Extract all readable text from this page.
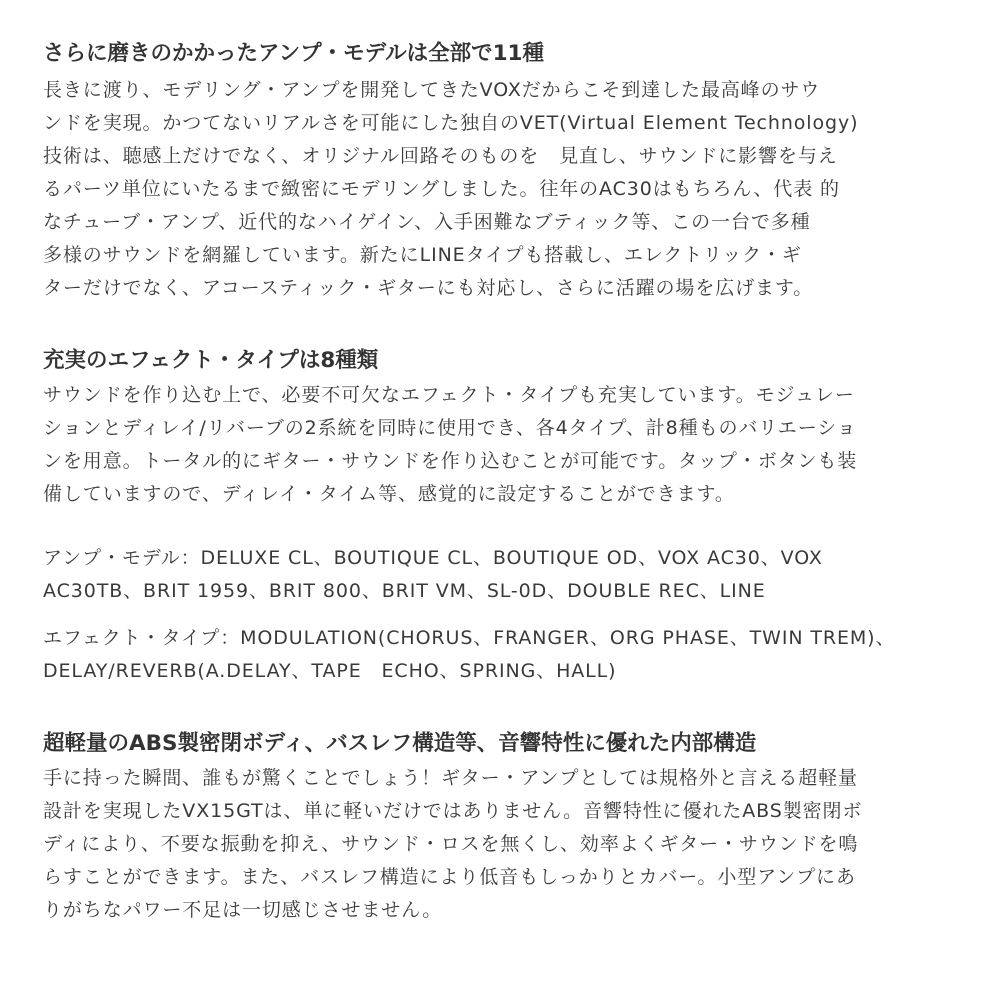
さらに磨きのかかったアンプ・モデルは全部で11種

長きに渡り、モデリング・アンプを開発してきたVOXだからこそ到達した最高峰のサウ
ンドを実現。かつてないリアルさを可能にした独自のVET(Virtual Element Technology)
技術は、聴感上だけでなく、オリジナル回路そのものを　見直し、サウンドに影響を与え
るパーツ単位にいたるまで緻密にモデリングしました。往年のAC30はもちろん、代表 的
なチューブ・アンプ、近代的なハイゲイン、入手困難なブティック等、この一台で多種
多様のサウンドを網羅しています。新たにLINEタイプも搭載し、エレクトリック・ギ
ターだけでなく、アコースティック・ギターにも対応し、さらに活躍の場を広げます。

充実のエフェクト・タイプは8種類

サウンドを作り込む上で、必要不可欠なエフェクト・タイプも充実しています。モジュレー
ションとディレイ/リバーブの2系統を同時に使用でき、各4タイプ、計8種ものバリエーショ
ンを用意。トータル的にギター・サウンドを作り込むことが可能です。タップ・ボタンも装
備していますので、ディレイ・タイム等、感覚的に設定することができます。

アンプ・モデル：DELUXE CL、BOUTIQUE CL、BOUTIQUE OD、VOX AC30、VOX
AC30TB、BRIT 1959、BRIT 800、BRIT VM、SL-0D、DOUBLE REC、LINE

エフェクト・タイプ：MODULATION(CHORUS、FRANGER、ORG PHASE、TWIN TREM)、
DELAY/REVERB(A.DELAY、TAPE　ECHO、SPRING、HALL)

超軽量のABS製密閉ボディ、バスレフ構造等、音響特性に優れた内部構造

手に持った瞬間、誰もが驚くことでしょう！ギター・アンプとしては規格外と言える超軽量
設計を実現したVX15GTは、単に軽いだけではありません。音響特性に優れたABS製密閉ボ
ディにより、不要な振動を抑え、サウンド・ロスを無くし、効率よくギター・サウンドを鳴
らすことができます。また、バスレフ構造により低音もしっかりとカバー。小型アンプにあ
りがちなパワー不足は一切感じさせません。
